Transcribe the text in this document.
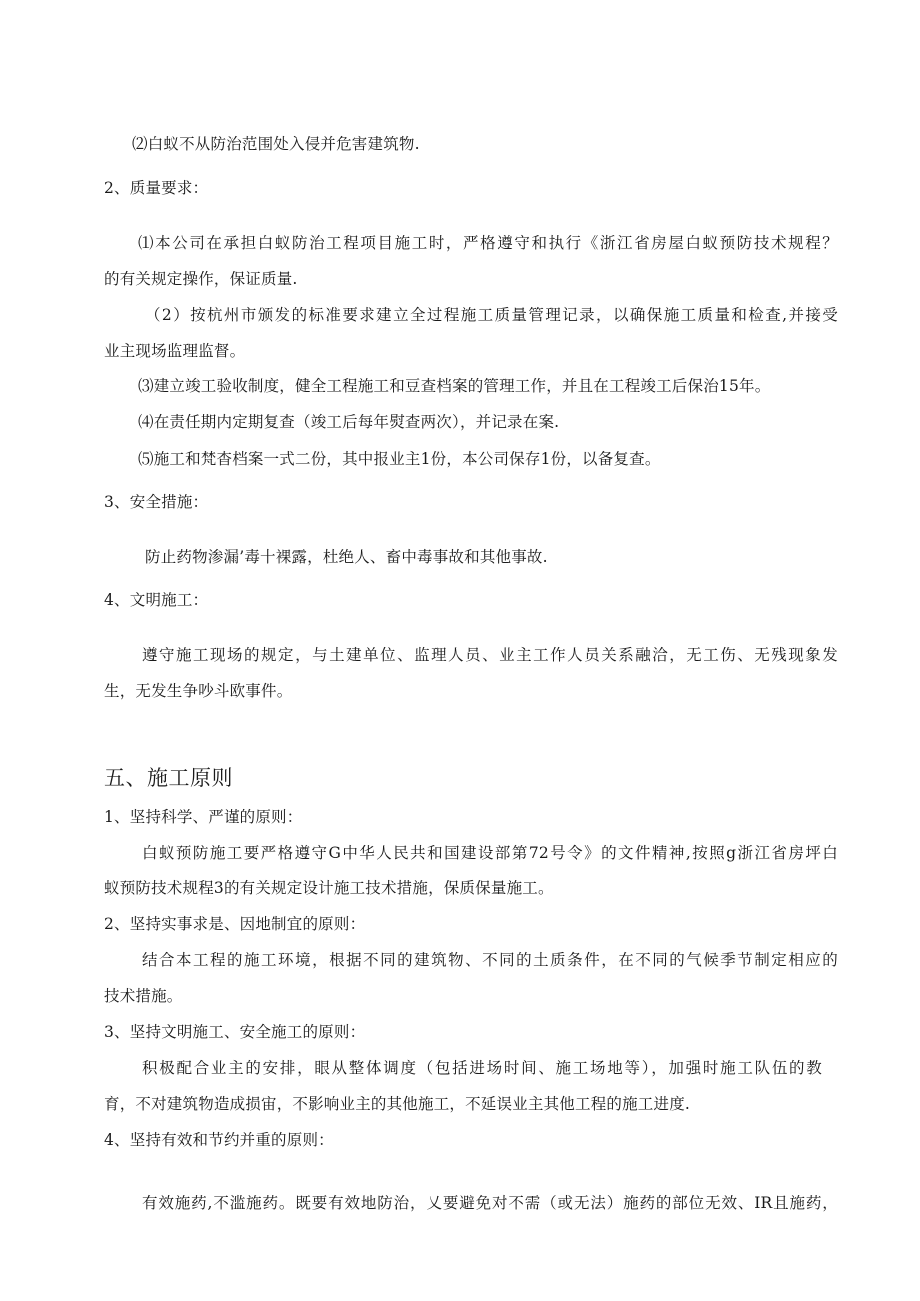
⑵白蚁不从防治范围处入侵并危害建筑物.
2、质量要求：
⑴本公司在承担白蚁防治工程项目施工时，严格遵守和执行《浙江省房屋白蚁预防技术规程？
的有关规定操作，保证质量.
（2）按杭州市颁发的标准要求建立全过程施工质量管理记录，以确保施工质量和检查,并接受
业主现场监理监督。
⑶建立竣工验收制度，健全工程施工和豆查档案的管理工作，并且在工程竣工后保治15年。
⑷在责任期内定期复查（竣工后每年熨查两次），并记录在案.
⑸施工和梵杳档案一式二份，其中报业主1份，本公司保存1份，以备复查。
3、安全措施：
防止药物渗漏’毒十裸露，杜绝人、畜中毒事故和其他事故.
4、文明施工：
遵守施工现场的规定，与土建单位、监理人员、业主工作人员关系融洽，无工伤、无残现象发
生，无发生争吵斗欧事件。
五、施工原则
1、坚持科学、严谨的原则：
白蚁预防施工要严格遵守G中华人民共和国建设部第72号令》的文件精神,按照g浙江省房坪白
蚁预防技术规程3的有关规定设计施工技术措施，保质保量施工。
2、坚持实事求是、因地制宜的原则：
结合本工程的施工环境，根据不同的建筑物、不同的土质条件，在不同的气候季节制定相应的
技术措施。
3、坚持文明施工、安全施工的原则：
积极配合业主的安排，眼从整体调度（包括进场时间、施工场地等），加强时施工队伍的教
育，不对建筑物造成损宙，不影响业主的其他施工，不延误业主其他工程的施工进度.
4、坚持有效和节约并重的原则：
有效施药,不滥施药。既要有效地防治，乂要避免对不需（或无法）施药的部位无效、IR且施药，
